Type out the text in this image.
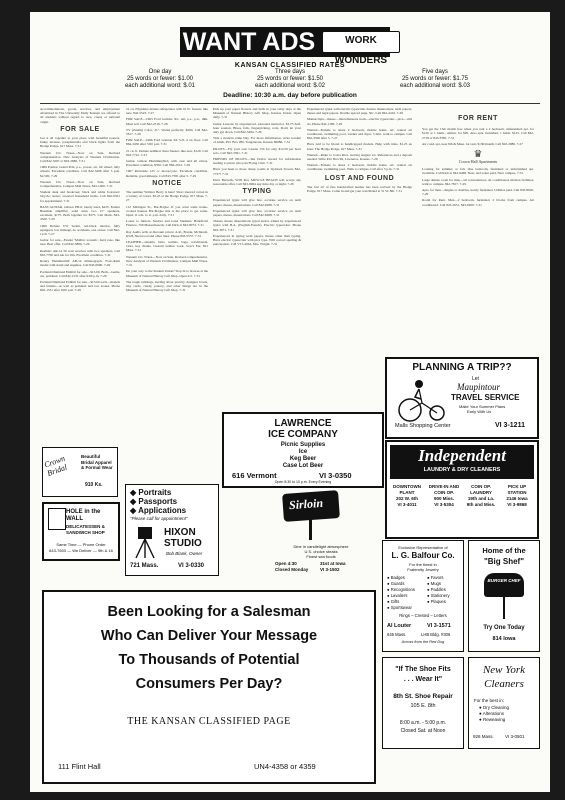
WANT ADS	WORK WONDERS
KANSAN CLASSIFIED RATES
One day
25 words or fewer: $1.00
each additional word: $.01
Three days
25 words or fewer: $1.50
each additional word: $.02
Five days
25 words or fewer: $1.75
each additional word: $.03
Deadline: 10:30 a.m. day before publication

Accommodations, goods, services, and employment advertised in The University Daily Kansan are offered to all students without regard to race, creed, or national origin.

FOR SALE

Get it all together at your place with beautiful posters, funky incense, paraphernalia and black lights from the Hodge Podge, 917 Mass. 7-31

Western Civ. Notes—Now on Sale. Revised comprehensive. New Analysis of Western Civilization. Call 842-3267 or 843-2680. 7-31

1969 Pontiac Grand Prix, p.s., power, air, tilt wheel, rally wheels. Excellent condition. Call 842-3266 after 5 p.m. $2,500. 7-29

Western Civ. Notes—Now on Sale, Revised Comprehensive. Campus Mail Notes, 843-1400. 7-31

Student desk and bookcase; black and white footstool; bicycle; stereo; assorted household items. Call 842-0301 for appointment. 7-31

BASS GUITAR, Gibson EB-0, barely used, $225. Fender Bassman amplifier, solid state, two 15" speakers, excellent, $175. Both together for $375. Call Mark, 843-4320. 7-29

1966 Deluxe VW Sedan, red-black interior, fully equipped, low mileage, no accidents, one owner. Call 842-1110. 7-27

Guitar for sale—Fender 'Malibu' acoustic, hard case, like new. Best offer. Call 842-5880. 7-29

Realistic AR-14 50 watt receiver with two speakers. Call 843-7700 and ask for Jim. Excellent condition. 7-31

Rotary Hammermill AB-14 mimeograph. Four-drum model with stand and supplies. Call 843-0900. 7-29

Portland Diamond Exhibit for sale—$15.00. Both—Gems, cut, polished. Call 842-1531 after 6:00 p.m. 7-29

Portland Diamond Exhibit for sale—$15.00 each—models and female—as well as polished and raw stones. Phone 842-1531 after 6:00 p.m. 7-29

21 cu. Frigidaire deluxe refrigerator with 91 lb. freezer, like new. 842-5523. 7-27

FOR SALE—1963 Ford Galaxie XL. Air, p.s., p.b., r&h. Must sell. Call 842-2316. 7-29

TV (Zenith) Color, 21". Works perfectly. $200, Call 842-5617. 7-29

FOR SALE—1966 Ford Galaxie XL V-8, 4 on floor. Call 864-3450 after 5:00 p.m. 7-31

21 cu. ft. Deluxe Admiral chest freezer, like new, $120. Call 843-7722. 7-31

Guitar, Gibson Hummingbird, with case and all extras. Excellent condition. $350. Call 864-2012. 7-29

1967 Riverside 125 cc motorcycle. Excellent condition. Reliable, good mileage. Call 843-7581 after 5. 7-29

NOTICE

The summer Wallace Berry is here! Short sleeved cotton in a variety of colors. $5.25 at the Hodge Podge, 917 Mass. 7-27

112 Michigan St., Bar-B-Que. If you want some home-cooked Kansas Bar-B-Que this is the place to get some. Open 11 a.m. to 11 p.m. daily. 7-31

Loans to Juniors, Seniors and Grad Students. Beneficial Finance, 700 Massachusetts. Call Dick at 843-8074. 7-31

Ray Audio sells at discount prices: A.R., Bozak, McIntosh, KLH, Sherwood and other lines. Phone 843-5557. 7-31

LEATHER—sandals, belts, wallets, bags, watchbands, vests, key chains. Custom leather work. Sow's Ear, 821 Mass. 7-31

Western Civ. Notes—Now on Sale. Revised comprehensive. New Analysis of Western Civilization. Campus Mail Notes. 7-31

Do your way to the Student Union? Stop in to browse at the Museum of Natural History Gift Shop. Open 9-5. 7-31

The tough rubbings, sterling silver jewelry, designer bowls, tiny cards, candy, pottery, and other things are in the Museum of Natural History Gift Shop. 7-31

Pick up your paper flowers and bells in your rainy days at the Museum of Natural History Gift Shop, Kansas Union. Open daily. 7-31

Guitar Lessons by experienced, educated instructor. $3.75 half-hour session. Blues, folk, fingerpicking, rock. Don't let your duty get down. Call 842-3284. 7-29

Visit a modern camp Day. For more information, write Garden of Allah, P.O. Box 280, Tonganoxie, Kansas 66086. 7-31

PILOTS—Fly your own Cessna 150 for only $12.50 per hour solo. Call 842-3391. 7-31

FRIENDS OF PILOTS—Ten Dollar reward for information leading to pilots who join Flying Club. 7-31

Have you been to those cheap rooms at Jayhawk Towers 842-7737? 7-31

Dave Barbells, WIN Pea, MUSCLE BEACH will accept any reasonable offer. Call 843-9964 any time day or night. 7-29

TYPING

Experienced typist will give fast, accurate service on term papers, theses, dissertations. Call 842-6288. 7-31

Experienced typist will give fast, accurate service on term papers, theses, dissertations. Call 842-6288. 7-31

Theses, theses dissertations typed and/or edited by experienced typist with B.A. (English-French). Electric typewriter. Phone 843-3971. 7-31

Experienced in typing term papers, theses other than typing. Have electric typewriter with pica type. Will correct spelling & punctuation. Call VI 3-4044, Mrs. Wright. 7-31

Experienced typist with electric typewriter desires manuscripts, term papers, theses and legal papers. Double spaced page, 50c. Call 842-4416. 7-29

Manuscripts—theses—miscellaneous work—electric typewriter—pica—will do. Phone 842-1189. 7-29

Wanted—Female to share 2 bedroom, mobile home. AC central air conditioner, swimming pool, washer and dryer, 5 min. walk to campus. Call 842-3506 after 5. 7-27

Have Girl to be friend to handicapped models. Help with rides. $1.25 an hour. The Hodge Podge, 917 Mass. 7-31

Wanted—Rider to Costa Rica, leaving August 1st. References and a deposit needed. Write P.O. Box 96, Lawrence, Kansas. 7-29

Wanted—Female to share 2 bedroom, mobile home. AC central air conditioner, swimming pool. Walk to campus. Call after 5 p.m. 7-31

LOST AND FOUND

The lost art of fine handcrafted leather has been revived by the Hodge Podge, 917 Mass. Come in and get your watchband at 31 W. 8th. 7-31

FOR RENT

You get the 15th month free when you rent a 2 bedroom, unfurnished apt. for $130 or 1 bdrm., unfurn. for $95. Also apts. furnished, 1 bdrm. $125. Call 842-2718 or 843-3385. 7-31

Air cond. apt. near 8th & Mass. for rent, $130/month. Call 843-2880. 7-27

♛
Crown Hall Apartments

Looking for summer or fall. One bedroom, furnished or unfurnished apt. available. Call Rick at 842-6468. Near, and water paid. Near campus. 7-31

Large deluxe room for men—all conveniences, air conditioned, kitchen facilities, walk to campus. 842-7817. 7-29

Apts. for men—singles or doubles, newly furnished. Utilities paid. Call 843-8020. 7-29

Room for Rent. Men—2 bedroom, furnished. 2 blocks from campus. Air conditioned. Call 843-2651, 843-6200. 7-31

PLANNING A TRIP??
Let
Maupintour
TRAVEL SERVICE
Make Your Summer Plans
Early With Us
Malls Shopping Center	VI 3-1211
Crown Bridal
Beautiful
Bridal Apparel
& Formal Wear
910 Ks.
HOLE in the WALL
DELICATESSEN &
SANDWICH SHOP
Same Time — Phone Order
843-7603 — We Deliver — 9th & 16
◆ Portraits
◆ Passports
◆ Applications
"Please call for appointment"
HIXON
STUDIO
Bob Blank, Owner
721 Mass.	VI 3-0330
LAWRENCE
ICE COMPANY
Picnic Supplies
Ice
Keg Beer
Case Lot Beer
616 Vermont	VI 3-0350
Open 8:30 to 10 p.m. Every Evening
Sirloin
Dine in candlelight atmosphere
U.S. choice steaks
Finest sea foods
Open 4:30	31st at Iowa
Closed Monday	VI 3-1502
Independent
LAUNDRY & DRY CLEANERS
DOWNTOWN PLANT
202 W. 6th
VI 3-4011
DRIVE-IN AND COIN OP.
900 Miss.
VI 3-5304
COIN OP. LAUNDRY
19th and La.
9th and Miss.
PICK UP STATION
2146 Iowa
VI 3-9868
Exclusive Representative of
L. G. Balfour Co.
For the finest in
Fraternity Jewelry
● Badges
● Guards
● Recognitions
● Lavaliers
● Gifts
● Sportswear
● Favors
● Mugs
● Paddles
● Stationery
● Plaques
Rings – Crested – Letters
Al Louter	VI 3-1571
645 Mass.	LHB Bldg. #306
Across from the Red Dog
Home of the
"Big Shef"
BURGER CHEF
Try One Today
814 Iowa
Been Looking for a Salesman
Who Can Deliver Your Message
To Thousands of Potential
Consumers Per Day?
THE KANSAN CLASSIFIED PAGE
111 Flint Hall	UN4-4358 or 4359
"If The Shoe Fits
. . . Wear It"
8th St. Shoe Repair
105 E. 8th
8:00 a.m. - 5:00 p.m.
Closed Sat. at Noon
New York
Cleaners
For the best in:
● Dry Cleaning
● Alterations
● Reweaving
926 Mass. VI 3-0501
